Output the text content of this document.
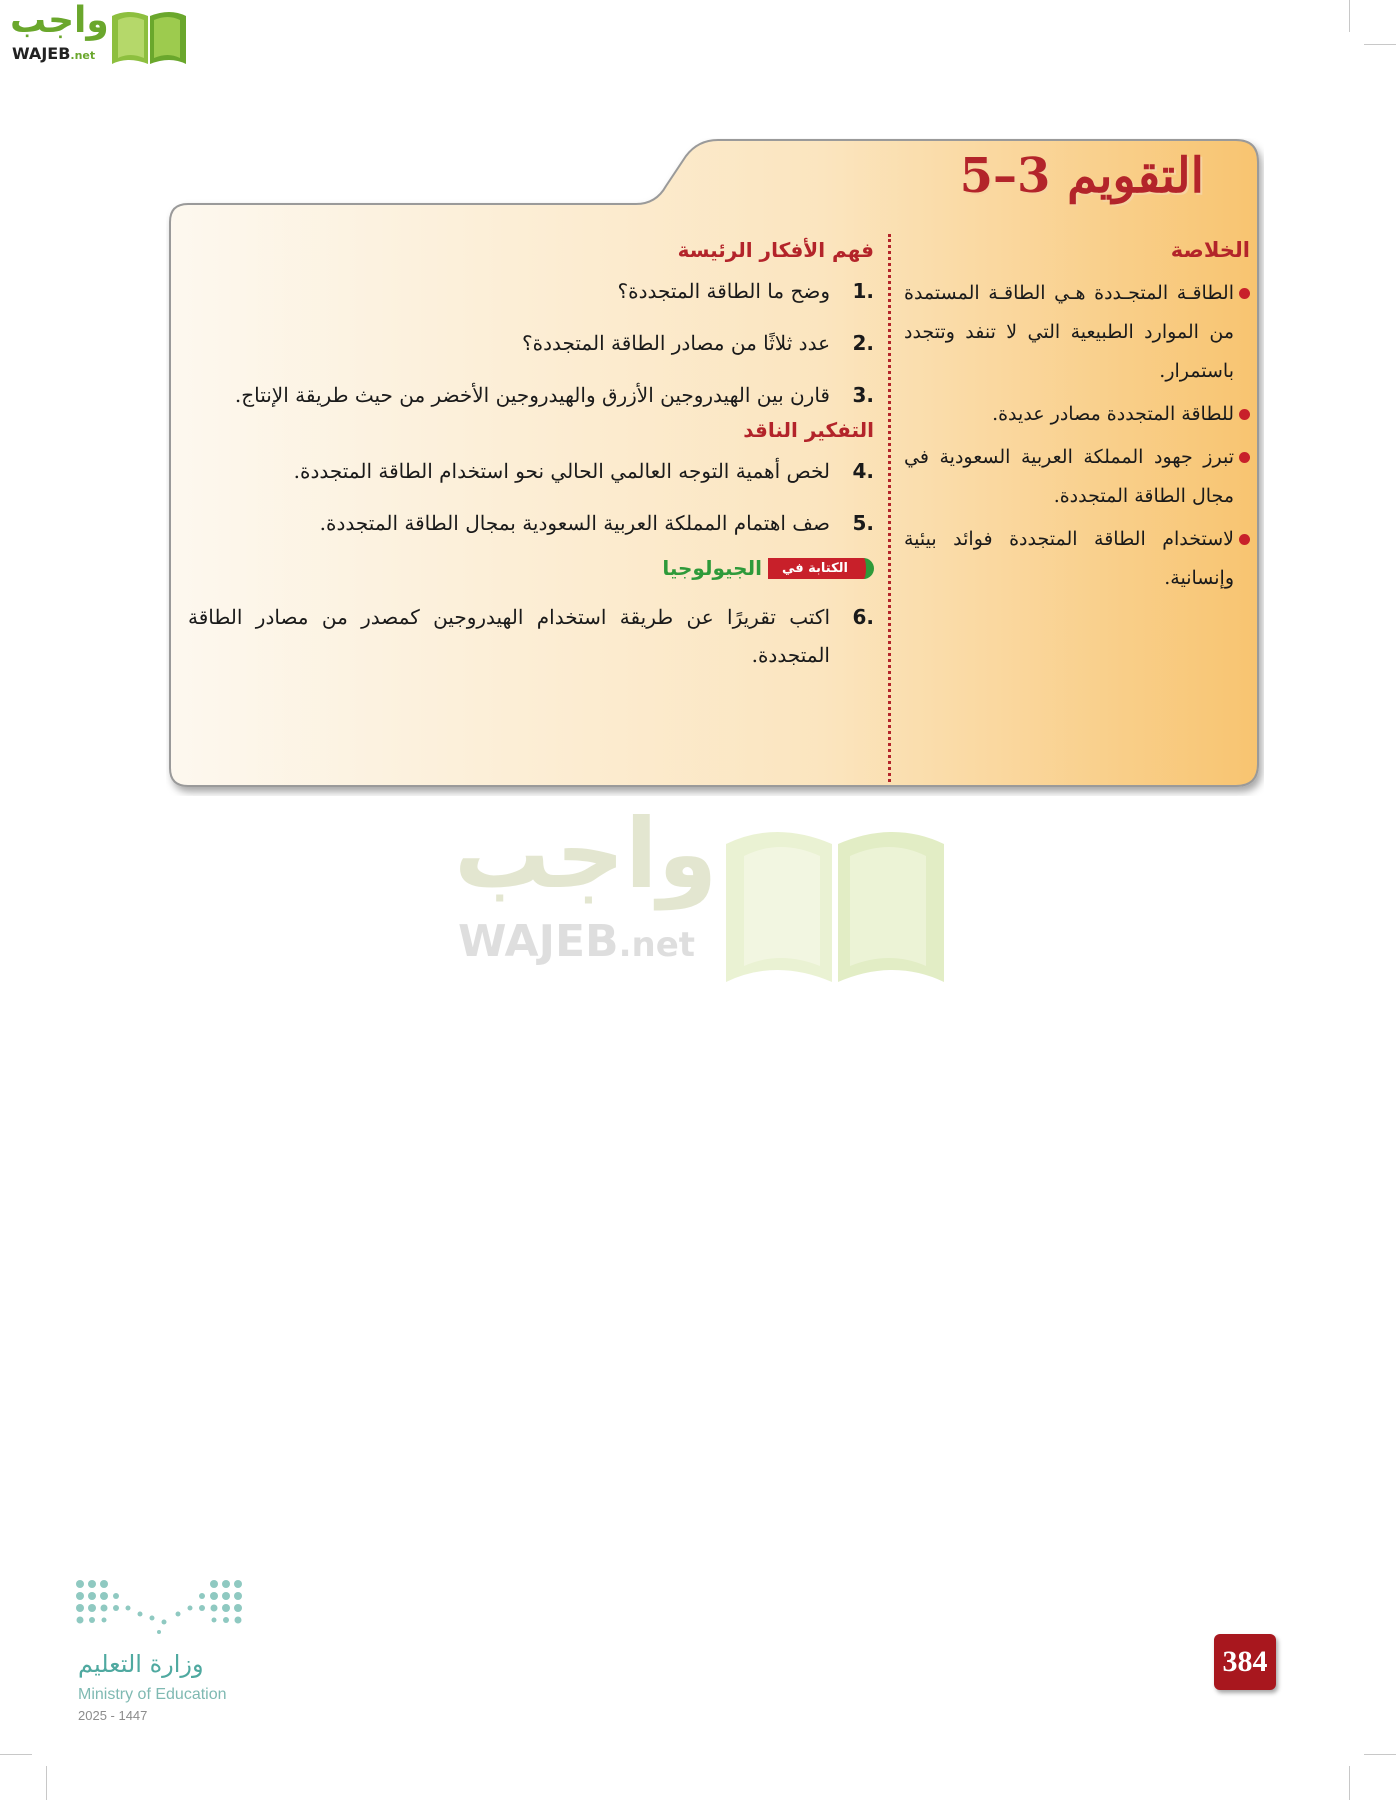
واجب
WAJEB.net
التقويم 3–5
الخلاصة
الطاقـة المتجـددة هـي الطاقـة المستمدة من الموارد الطبيعية التي لا تنفد وتتجدد باستمرار.
للطاقة المتجددة مصادر عديدة.
تبرز جهود المملكة العربية السعودية في مجال الطاقة المتجددة.
لاستخدام الطاقة المتجددة فوائد بيئية وإنسانية.
فهم الأفكار الرئيسة
1.
وضح ما الطاقة المتجددة؟
2.
عدد ثلاثًا من مصادر الطاقة المتجددة؟
3.
قارن بين الهيدروجين الأزرق والهيدروجين الأخضر من حيث طريقة الإنتاج.
التفكير الناقد
4.
لخص أهمية التوجه العالمي الحالي نحو استخدام الطاقة المتجددة.
5.
صف اهتمام المملكة العربية السعودية بمجال الطاقة المتجددة.
الكتابة في
الجيولوجيا
6.
اكتب تقريرًا عن طريقة استخدام الهيدروجين كمصدر من مصادر الطاقة المتجددة.
واجب
WAJEB.net
وزارة التعليم
Ministry of Education
2025 - 1447
384
